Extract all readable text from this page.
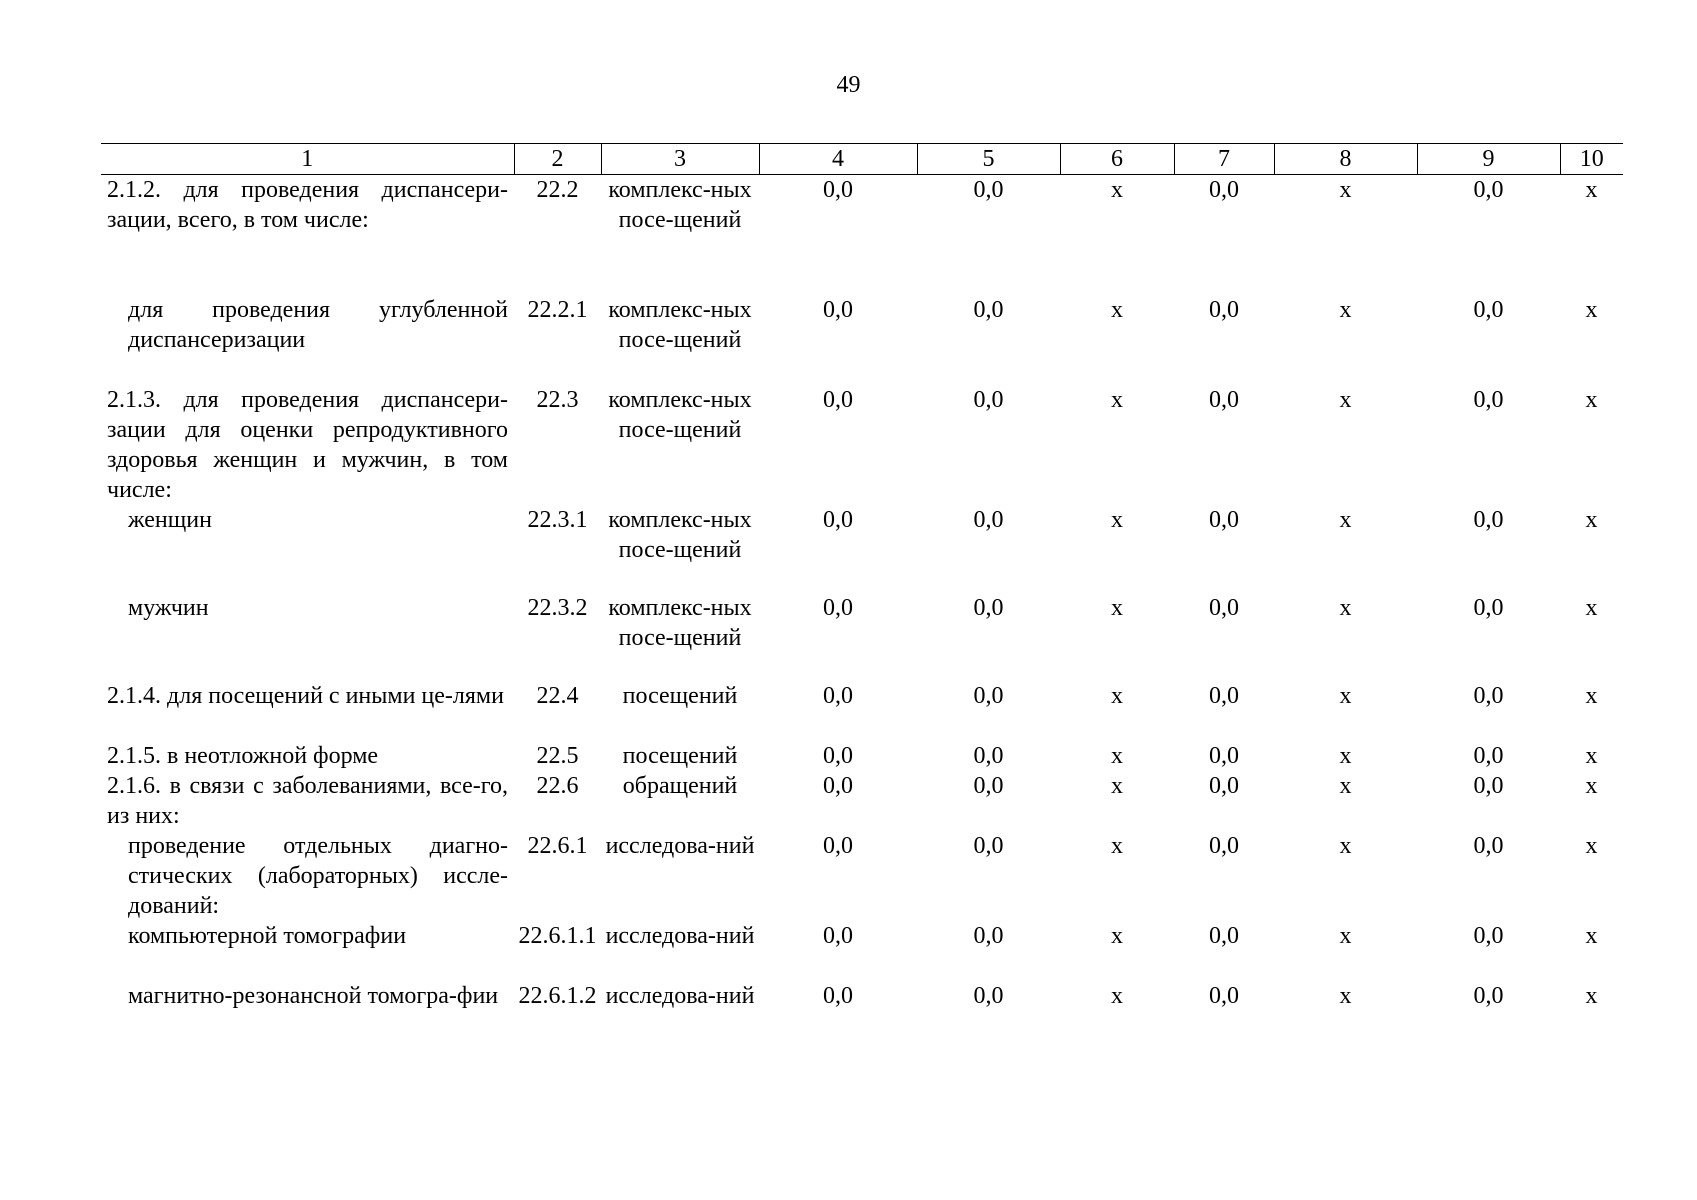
49
1	2	3	4	5	6	7	8	9	10
2.1.2. для проведения диспансери-зации, всего, в том числе:	22.2	комплекс-ных посе-щений	0,0	0,0	х	0,0	х	0,0	х
для проведения углубленной диспансеризации	22.2.1	комплекс-ных посе-щений	0,0	0,0	х	0,0	х	0,0	х
2.1.3. для проведения диспансери-зации для оценки репродуктивного здоровья женщин и мужчин, в том числе:	22.3	комплекс-ных посе-щений	0,0	0,0	х	0,0	х	0,0	х
женщин	22.3.1	комплекс-ных посе-щений	0,0	0,0	х	0,0	х	0,0	х
мужчин	22.3.2	комплекс-ных посе-щений	0,0	0,0	х	0,0	х	0,0	х
2.1.4. для посещений с иными це-лями	22.4	посещений	0,0	0,0	х	0,0	х	0,0	х
2.1.5. в неотложной форме	22.5	посещений	0,0	0,0	х	0,0	х	0,0	х
2.1.6. в связи с заболеваниями, все-го, из них:	22.6	обращений	0,0	0,0	х	0,0	х	0,0	х
проведение отдельных диагно-стических (лабораторных) иссле-дований:	22.6.1	исследова-ний	0,0	0,0	х	0,0	х	0,0	х
компьютерной томографии	22.6.1.1	исследова-ний	0,0	0,0	х	0,0	х	0,0	х
магнитно-резонансной томогра-фии	22.6.1.2	исследова-ний	0,0	0,0	х	0,0	х	0,0	х
